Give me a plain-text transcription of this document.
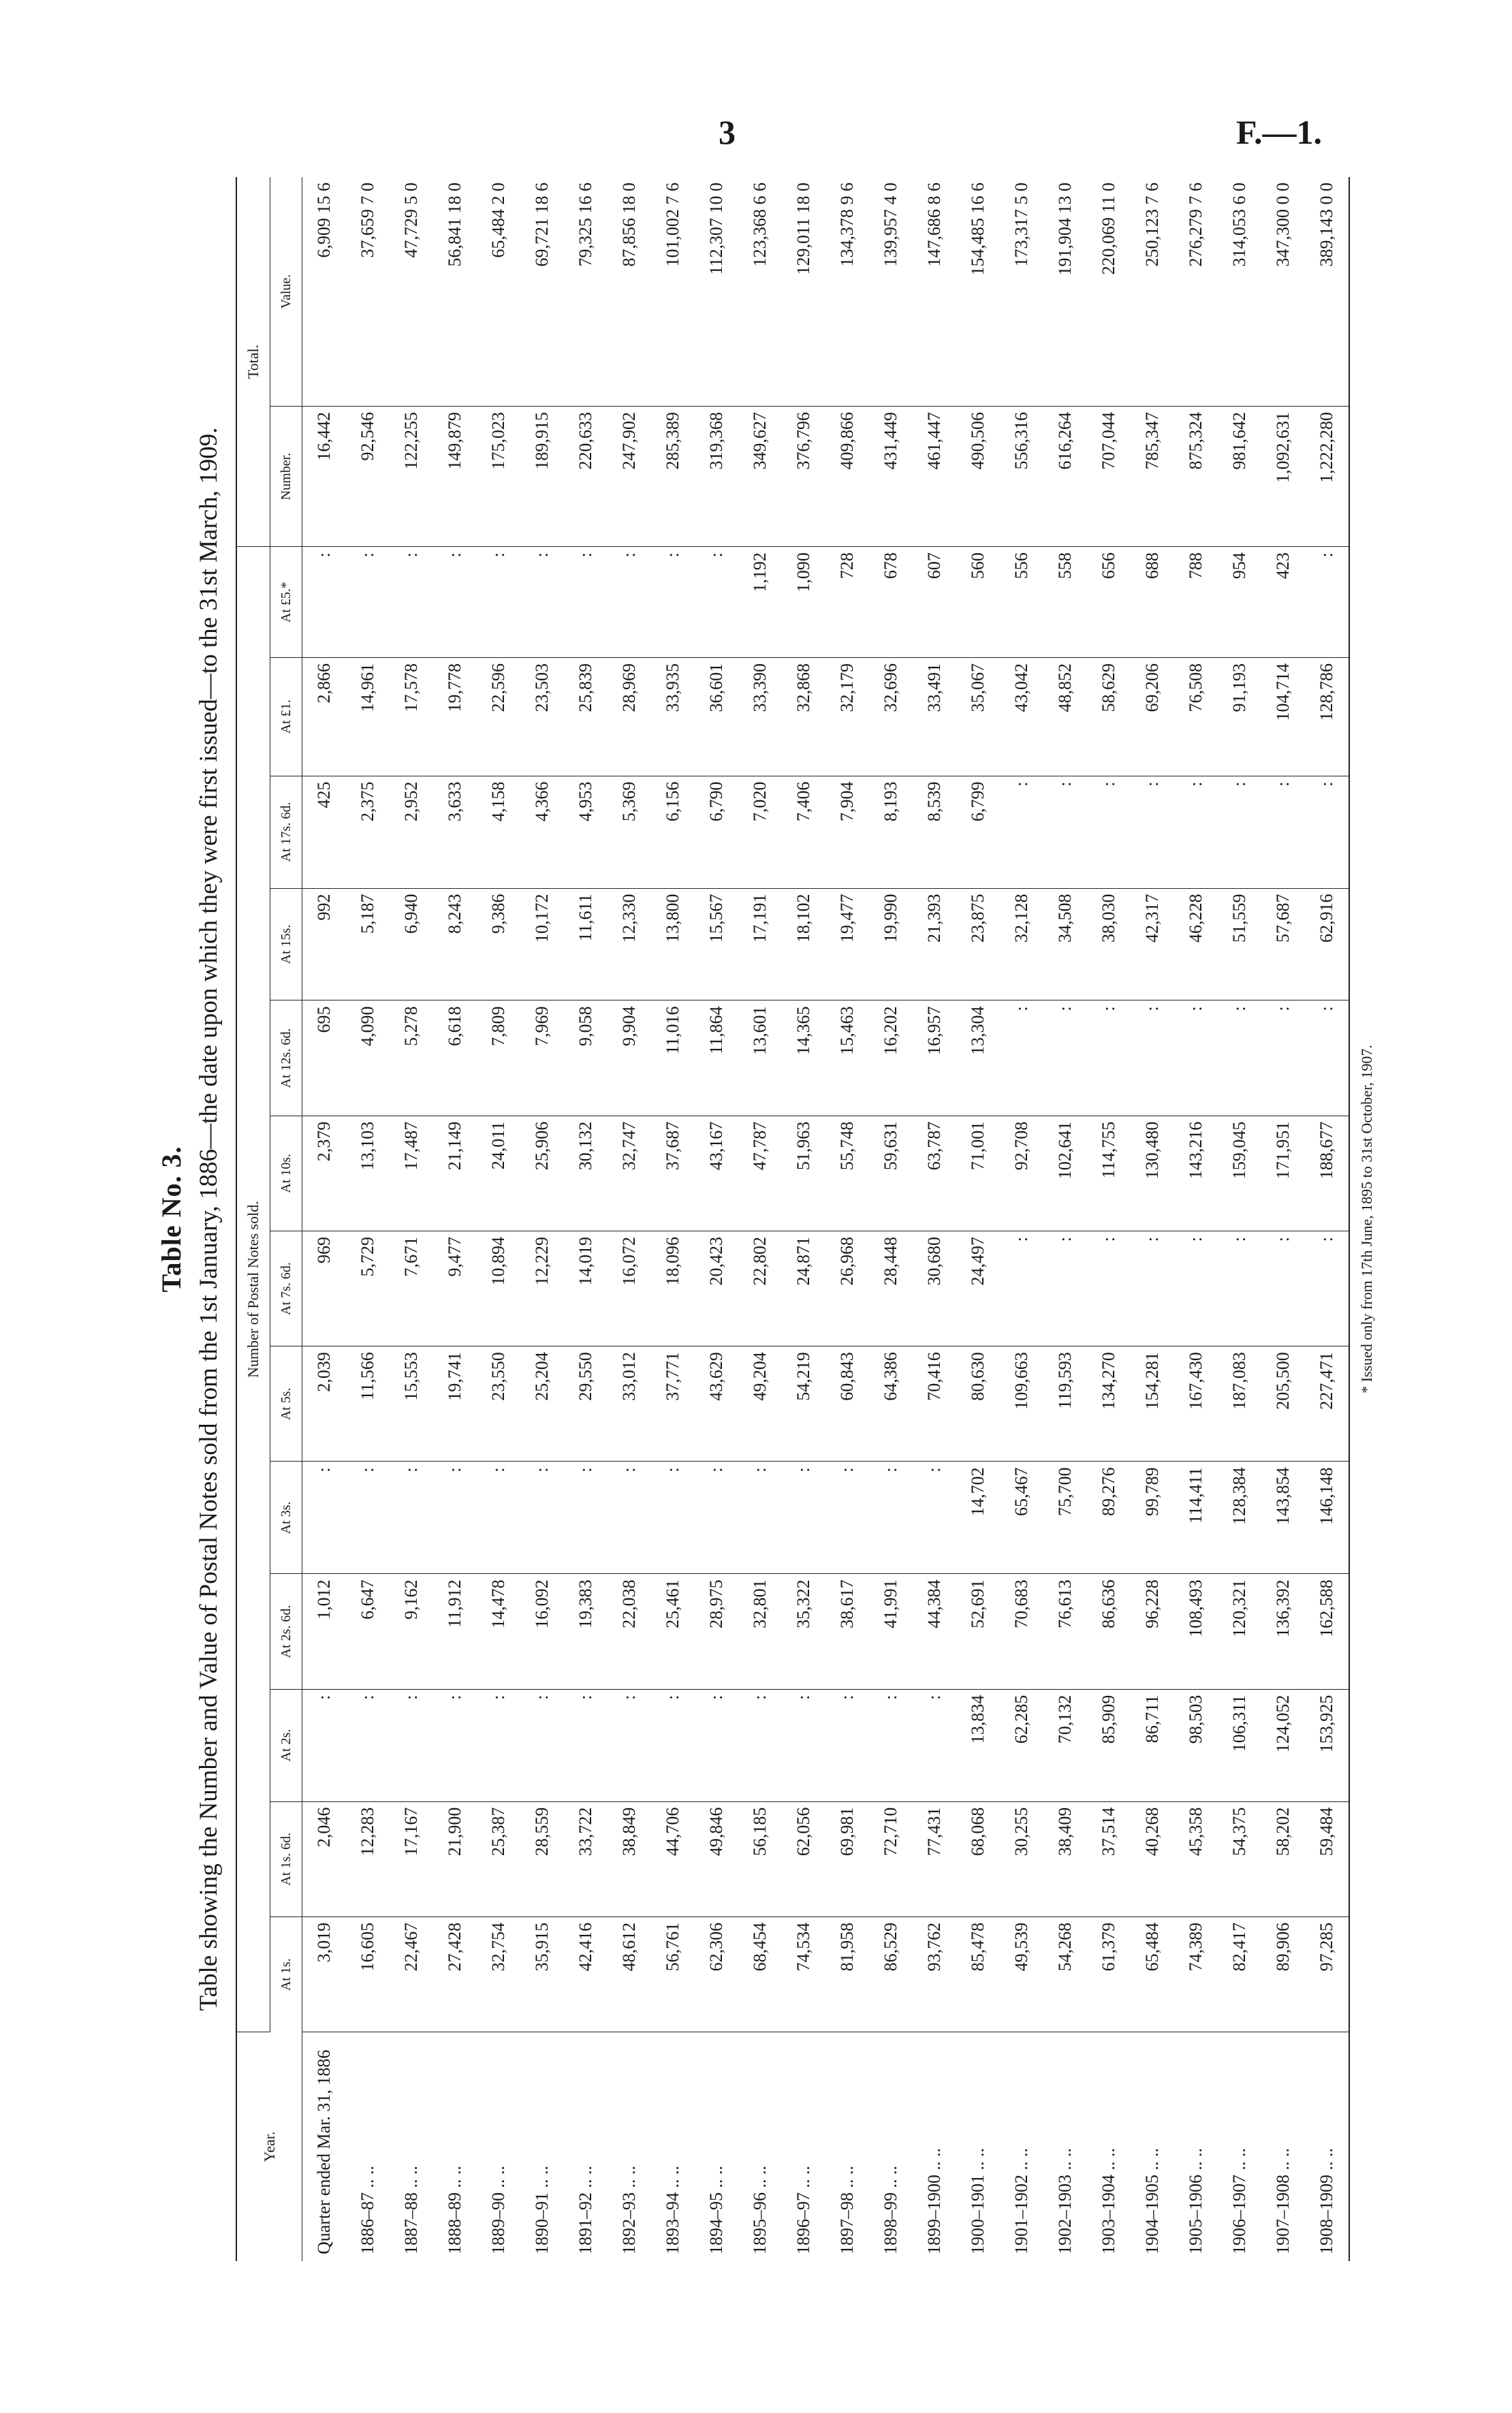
3	F.—1.
Table No. 3. Table showing the Number and Value of Postal Notes sold from the 1st January, 1886—the date upon which they were first issued—to the 31st March, 1909.
Year.	Number of Postal Notes sold.													Total.	
	At 1s.	At 1s. 6d.	At 2s.	At 2s. 6d.	At 3s.	At 5s.	At 7s. 6d.	At 10s.	At 12s. 6d.	At 15s.	At 17s. 6d.	At £1.	At £5.*	Number.	Value.
Quarter ended Mar. 31, 1886	3,019	2,046	:	1,012	:	2,039	969	2,379	695	992	425	2,866	:	16,442	6,909 15 6
1886–87 .. ..	16,605	12,283	:	6,647	:	11,566	5,729	13,103	4,090	5,187	2,375	14,961	:	92,546	37,659 7 0
1887–88 .. ..	22,467	17,167	:	9,162	:	15,553	7,671	17,487	5,278	6,940	2,952	17,578	:	122,255	47,729 5 0
1888–89 .. ..	27,428	21,900	:	11,912	:	19,741	9,477	21,149	6,618	8,243	3,633	19,778	:	149,879	56,841 18 0
1889–90 .. ..	32,754	25,387	:	14,478	:	23,550	10,894	24,011	7,809	9,386	4,158	22,596	:	175,023	65,484 2 0
1890–91 .. ..	35,915	28,559	:	16,092	:	25,204	12,229	25,906	7,969	10,172	4,366	23,503	:	189,915	69,721 18 6
1891–92 .. ..	42,416	33,722	:	19,383	:	29,550	14,019	30,132	9,058	11,611	4,953	25,839	:	220,633	79,325 16 6
1892–93 .. ..	48,612	38,849	:	22,038	:	33,012	16,072	32,747	9,904	12,330	5,369	28,969	:	247,902	87,856 18 0
1893–94 .. ..	56,761	44,706	:	25,461	:	37,771	18,096	37,687	11,016	13,800	6,156	33,935	:	285,389	101,002 7 6
1894–95 .. ..	62,306	49,846	:	28,975	:	43,629	20,423	43,167	11,864	15,567	6,790	36,601	:	319,368	112,307 10 0
1895–96 .. ..	68,454	56,185	:	32,801	:	49,204	22,802	47,787	13,601	17,191	7,020	33,390	1,192	349,627	123,368 6 6
1896–97 .. ..	74,534	62,056	:	35,322	:	54,219	24,871	51,963	14,365	18,102	7,406	32,868	1,090	376,796	129,011 18 0
1897–98 .. ..	81,958	69,981	:	38,617	:	60,843	26,968	55,748	15,463	19,477	7,904	32,179	728	409,866	134,378 9 6
1898–99 .. ..	86,529	72,710	:	41,991	:	64,386	28,448	59,631	16,202	19,990	8,193	32,696	678	431,449	139,957 4 0
1899–1900 .. ..	93,762	77,431	:	44,384	:	70,416	30,680	63,787	16,957	21,393	8,539	33,491	607	461,447	147,686 8 6
1900–1901 .. ..	85,478	68,068	13,834	52,691	14,702	80,630	24,497	71,001	13,304	23,875	6,799	35,067	560	490,506	154,485 16 6
1901–1902 .. ..	49,539	30,255	62,285	70,683	65,467	109,663	:	92,708	:	32,128	:	43,042	556	556,316	173,317 5 0
1902–1903 .. ..	54,268	38,409	70,132	76,613	75,700	119,593	:	102,641	:	34,508	:	48,852	558	616,264	191,904 13 0
1903–1904 .. ..	61,379	37,514	85,909	86,636	89,276	134,270	:	114,755	:	38,030	:	58,629	656	707,044	220,069 11 0
1904–1905 .. ..	65,484	40,268	86,711	96,228	99,789	154,281	:	130,480	:	42,317	:	69,206	688	785,347	250,123 7 6
1905–1906 .. ..	74,389	45,358	98,503	108,493	114,411	167,430	:	143,216	:	46,228	:	76,508	788	875,324	276,279 7 6
1906–1907 .. ..	82,417	54,375	106,311	120,321	128,384	187,083	:	159,045	:	51,559	:	91,193	954	981,642	314,053 6 0
1907–1908 .. ..	89,906	58,202	124,052	136,392	143,854	205,500	:	171,951	:	57,687	:	104,714	423	1,092,631	347,300 0 0
1908–1909 .. ..	97,285	59,484	153,925	162,588	146,148	227,471	:	188,677	:	62,916	:	128,786	:	1,222,280	389,143 0 0
* Issued only from 17th June, 1895 to 31st October, 1907.
